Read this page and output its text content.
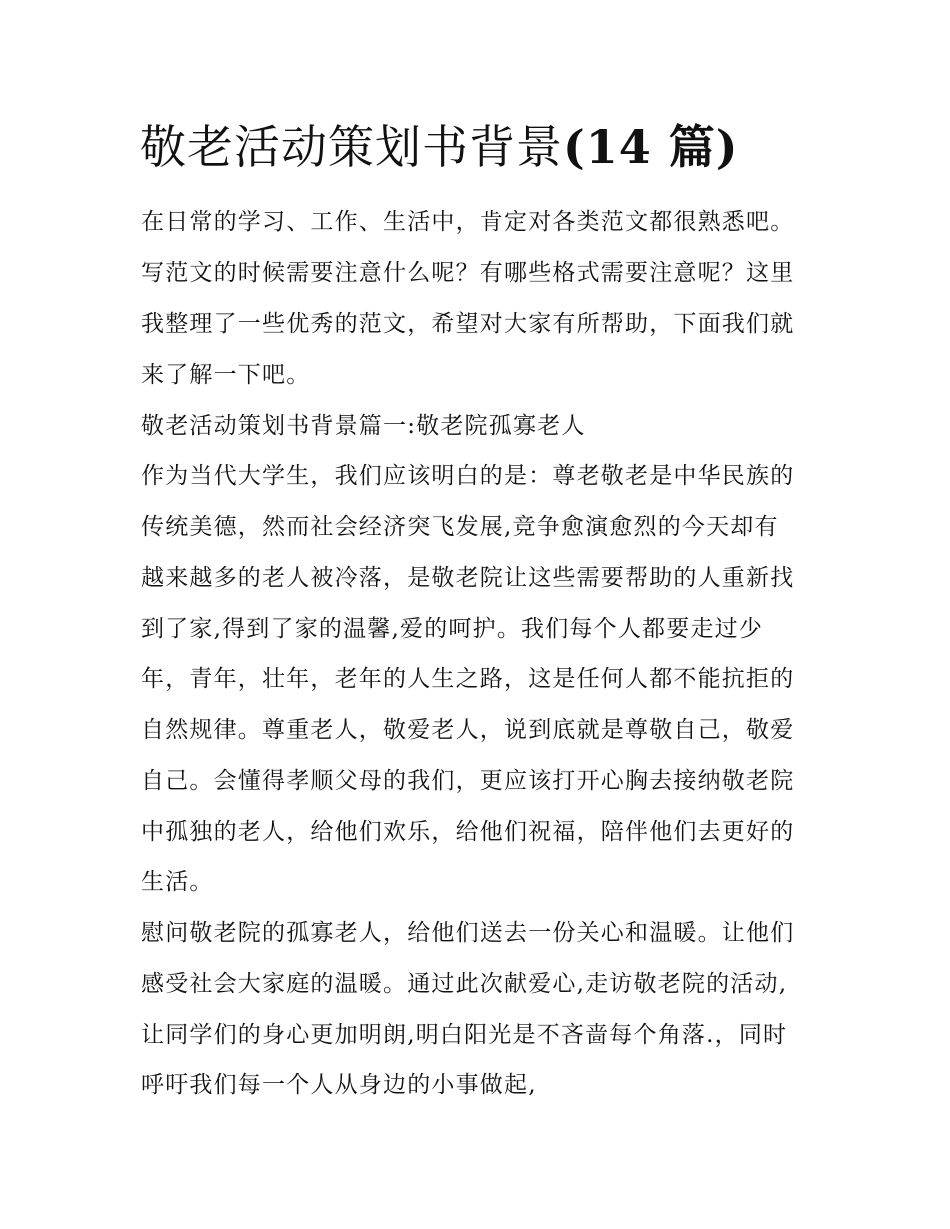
敬老活动策划书背景(14 篇)

在日常的学习、工作、生活中，肯定对各类范文都很熟悉吧。

写范文的时候需要注意什么呢？有哪些格式需要注意呢？这里

我整理了一些优秀的范文，希望对大家有所帮助，下面我们就

来了解一下吧。

敬老活动策划书背景篇一:敬老院孤寡老人

作为当代大学生，我们应该明白的是：尊老敬老是中华民族的

传统美德，然而社会经济突飞发展,竞争愈演愈烈的今天却有

越来越多的老人被冷落，是敬老院让这些需要帮助的人重新找

到了家,得到了家的温馨,爱的呵护。我们每个人都要走过少

年，青年，壮年，老年的人生之路，这是任何人都不能抗拒的

自然规律。尊重老人，敬爱老人，说到底就是尊敬自己，敬爱

自己。会懂得孝顺父母的我们，更应该打开心胸去接纳敬老院

中孤独的老人，给他们欢乐，给他们祝福，陪伴他们去更好的

生活。

慰问敬老院的孤寡老人，给他们送去一份关心和温暖。让他们

感受社会大家庭的温暖。通过此次献爱心,走访敬老院的活动,

让同学们的身心更加明朗,明白阳光是不吝啬每个角落.，同时

呼吁我们每一个人从身边的小事做起,
